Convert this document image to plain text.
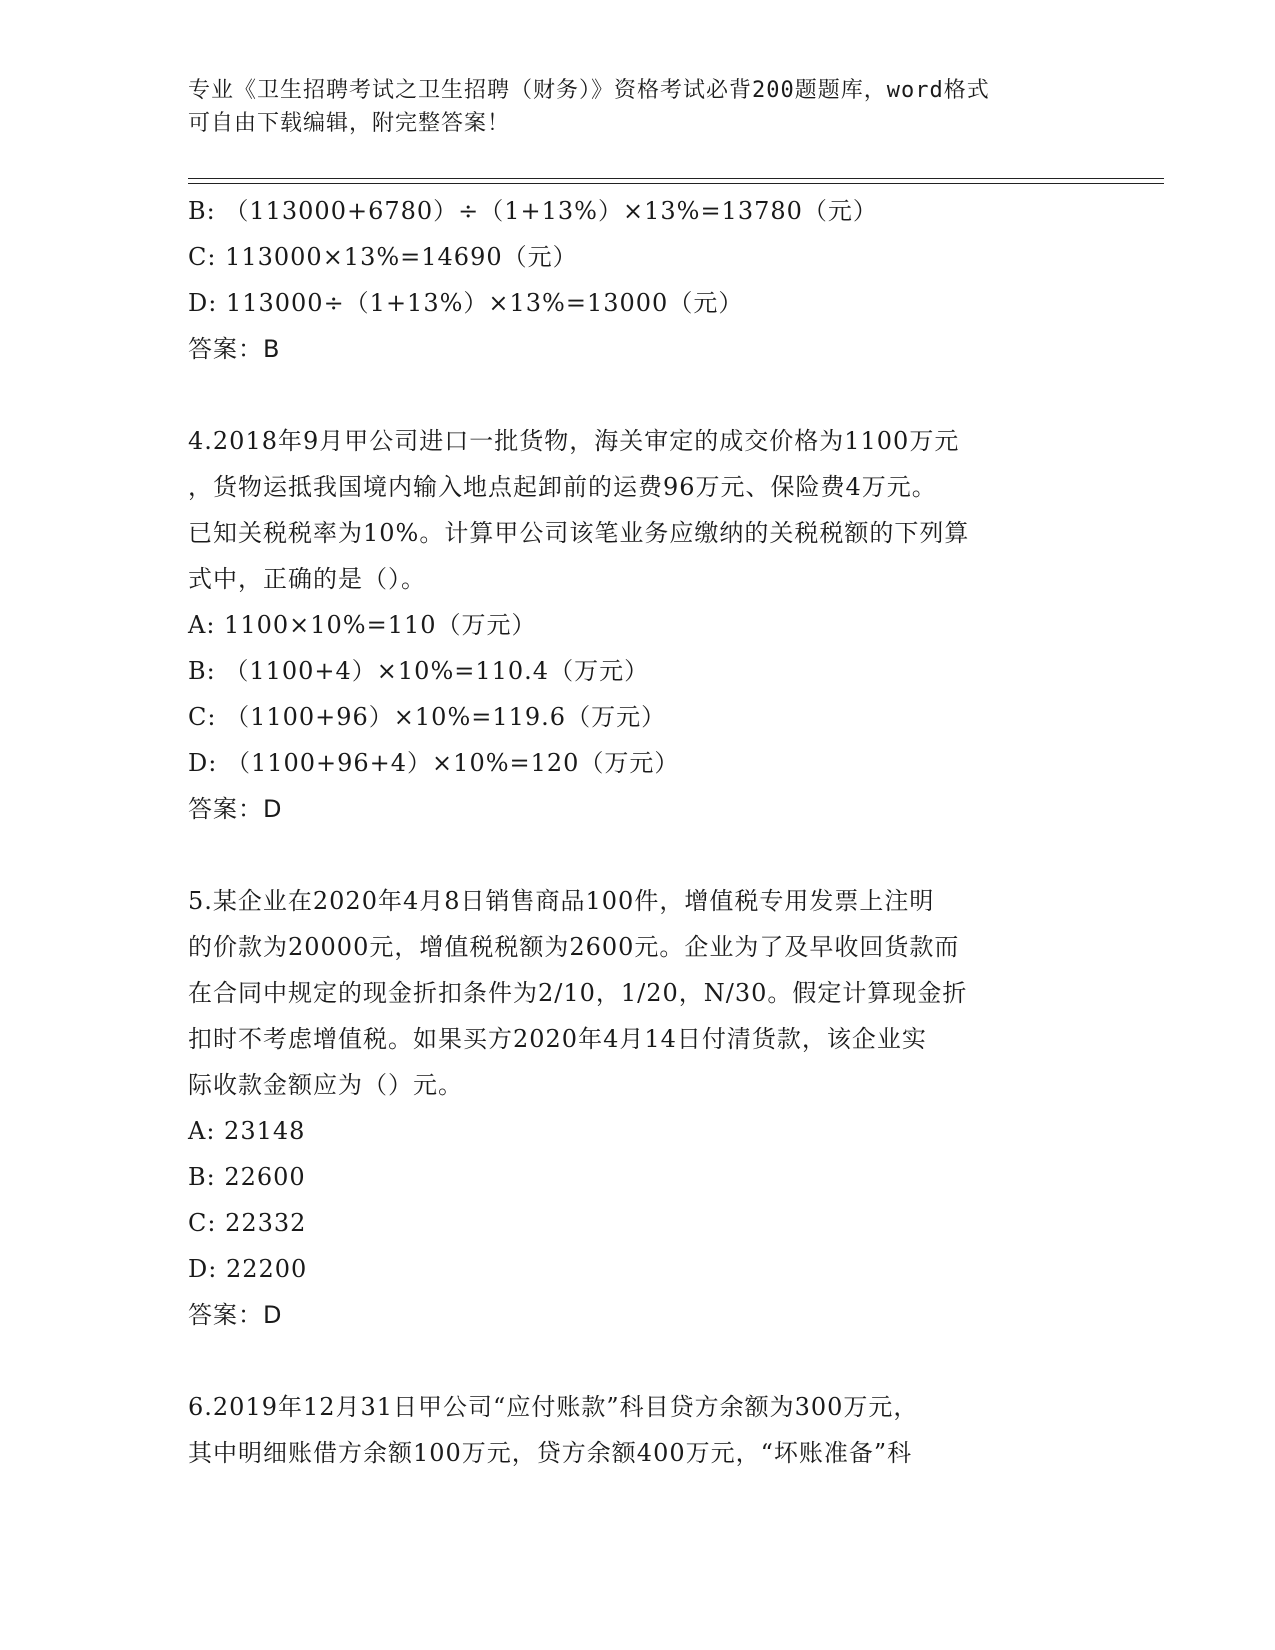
专业《卫生招聘考试之卫生招聘（财务）》资格考试必背200题题库，word格式

可自由下载编辑，附完整答案！

B: （113000+6780）÷（1+13%）×13%=13780（元）
C: 113000×13%=14690（元）
D: 113000÷（1+13%）×13%=13000（元）
答案：B
4.2018年9月甲公司进口一批货物，海关审定的成交价格为1100万元
，货物运抵我国境内输入地点起卸前的运费96万元、保险费4万元。
已知关税税率为10%。计算甲公司该笔业务应缴纳的关税税额的下列算
式中，正确的是（）。
A: 1100×10%=110（万元）
B: （1100+4）×10%=110.4（万元）
C: （1100+96）×10%=119.6（万元）
D: （1100+96+4）×10%=120（万元）
答案：D
5.某企业在2020年4月8日销售商品100件，增值税专用发票上注明
的价款为20000元，增值税税额为2600元。企业为了及早收回货款而
在合同中规定的现金折扣条件为2/10，1/20，N/30。假定计算现金折
扣时不考虑增值税。如果买方2020年4月14日付清货款，该企业实
际收款金额应为（）元。
A: 23148
B: 22600
C: 22332
D: 22200
答案：D
6.2019年12月31日甲公司“应付账款”科目贷方余额为300万元，
其中明细账借方余额100万元，贷方余额400万元，“坏账准备”科
